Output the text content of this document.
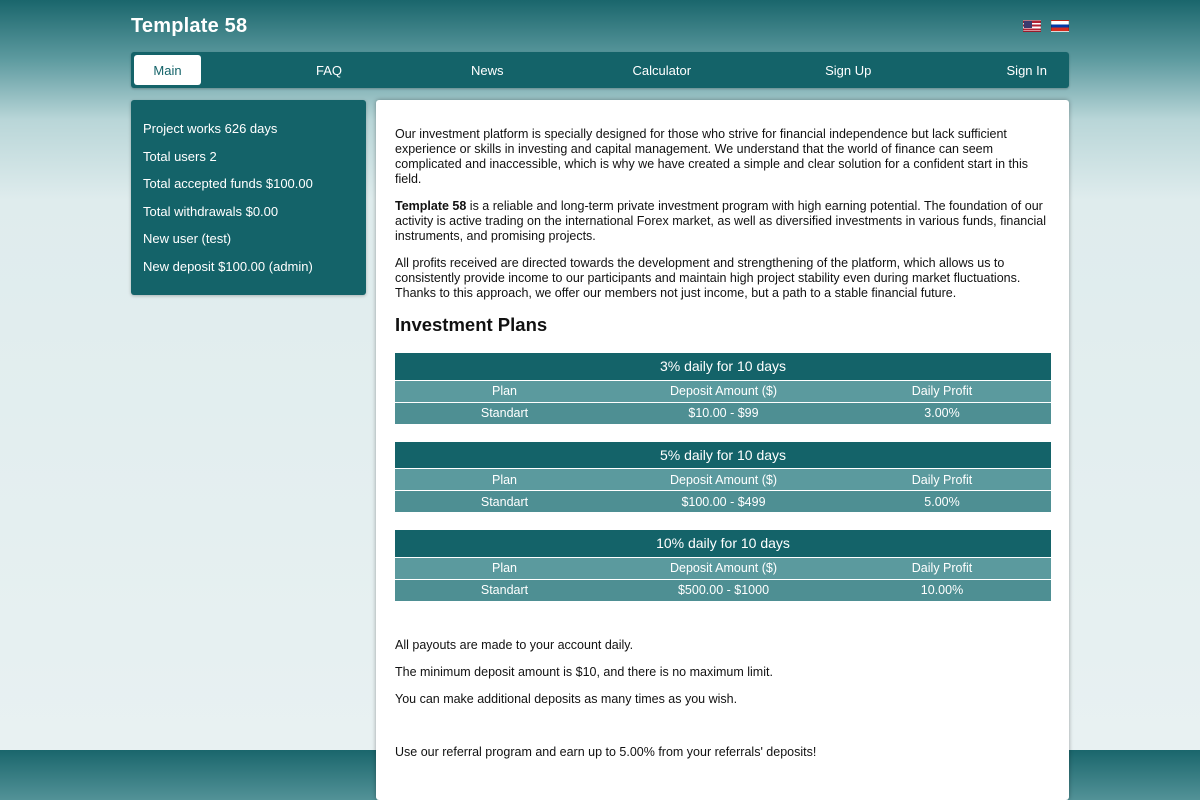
Template 58
Main	FAQ	News	Calculator	Sign Up	Sign In
Project works 626 days
Total users 2
Total accepted funds $100.00
Total withdrawals $0.00
New user (test)
New deposit $100.00 (admin)

Our investment platform is specially designed for those who strive for financial independence but lack sufficient experience or skills in investing and capital management. We understand that the world of finance can seem complicated and inaccessible, which is why we have created a simple and clear solution for a confident start in this field.

Template 58 is a reliable and long-term private investment program with high earning potential. The foundation of our activity is active trading on the international Forex market, as well as diversified investments in various funds, financial instruments, and promising projects.

All profits received are directed towards the development and strengthening of the platform, which allows us to consistently provide income to our participants and maintain high project stability even during market fluctuations. Thanks to this approach, we offer our members not just income, but a path to a stable financial future.

Investment Plans
3% daily for 10 days		
Plan	Deposit Amount ($)	Daily Profit
Standart	$10.00 - $99	3.00%
5% daily for 10 days		
Plan	Deposit Amount ($)	Daily Profit
Standart	$100.00 - $499	5.00%
10% daily for 10 days		
Plan	Deposit Amount ($)	Daily Profit
Standart	$500.00 - $1000	10.00%

All payouts are made to your account daily.

The minimum deposit amount is $10, and there is no maximum limit.

You can make additional deposits as many times as you wish.

Use our referral program and earn up to 5.00% from your referrals' deposits!
